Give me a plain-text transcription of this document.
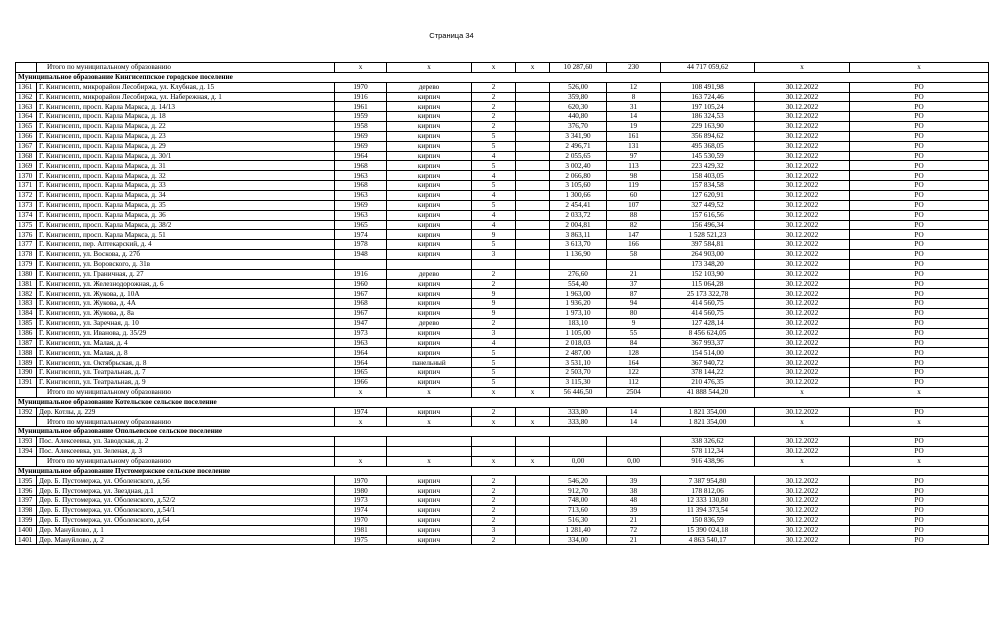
Страница 34
	Итого по муниципальному образованию	x	x	x	x	10 287,60	230	44 717 059,62	x	x
Муниципальное образование Кингисеппское городское поселение										
1361	Г. Кингисепп, микрорайон Лесобиржа, ул. Клубная, д. 15	1970	дерево	2		526,00	12	108 491,98	30.12.2022	РО
1362	Г. Кингисепп, микрорайон Лесобиржа, ул. Набережная, д. 1	1916	кирпич	2		359,80	8	163 724,46	30.12.2022	РО
1363	Г. Кингисепп, просп. Карла Маркса, д. 14/13	1961	кирпич	2		620,30	31	197 105,24	30.12.2022	РО
1364	Г. Кингисепп, просп. Карла Маркса, д. 18	1959	кирпич	2		440,80	14	186 324,53	30.12.2022	РО
1365	Г. Кингисепп, просп. Карла Маркса, д. 22	1958	кирпич	2		376,70	19	229 163,90	30.12.2022	РО
1366	Г. Кингисепп, просп. Карла Маркса, д. 23	1969	кирпич	5		3 341,90	161	356 894,62	30.12.2022	РО
1367	Г. Кингисепп, просп. Карла Маркса, д. 29	1969	кирпич	5		2 496,71	131	495 368,05	30.12.2022	РО
1368	Г. Кингисепп, просп. Карла Маркса, д. 30/1	1964	кирпич	4		2 055,65	97	145 530,59	30.12.2022	РО
1369	Г. Кингисепп, просп. Карла Маркса, д. 31	1968	кирпич	5		3 002,40	113	223 429,32	30.12.2022	РО
1370	Г. Кингисепп, просп. Карла Маркса, д. 32	1963	кирпич	4		2 066,80	98	158 403,05	30.12.2022	РО
1371	Г. Кингисепп, просп. Карла Маркса, д. 33	1968	кирпич	5		3 105,60	119	157 834,58	30.12.2022	РО
1372	Г. Кингисепп, просп. Карла Маркса, д. 34	1963	кирпич	4		1 300,66	60	127 620,91	30.12.2022	РО
1373	Г. Кингисепп, просп. Карла Маркса, д. 35	1969	кирпич	5		2 454,41	107	327 449,52	30.12.2022	РО
1374	Г. Кингисепп, просп. Карла Маркса, д. 36	1963	кирпич	4		2 033,72	88	157 616,56	30.12.2022	РО
1375	Г. Кингисепп, просп. Карла Маркса, д. 38/2	1965	кирпич	4		2 004,81	82	156 496,34	30.12.2022	РО
1376	Г. Кингисепп, просп. Карла Маркса, д. 51	1974	кирпич	9		3 863,11	147	1 528 521,23	30.12.2022	РО
1377	Г. Кингисепп, пер. Аптекарский, д. 4	1978	кирпич	5		3 613,70	166	397 584,81	30.12.2022	РО
1378	Г. Кингисепп, ул. Воскова, д. 27б	1948	кирпич	3		1 136,90	58	264 903,00	30.12.2022	РО
1379	Г. Кингисепп, ул. Воровского, д. 31в							173 348,20	30.12.2022	РО
1380	Г. Кингисепп, ул. Граничная, д. 27	1916	дерево	2		276,60	21	152 103,90	30.12.2022	РО
1381	Г. Кингисепп, ул. Железнодорожная, д. 6	1960	кирпич	2		554,40	37	115 064,28	30.12.2022	РО
1382	Г. Кингисепп, ул. Жукова, д. 10А	1967	кирпич	9		1 963,00	87	25 173 322,78	30.12.2022	РО
1383	Г. Кингисепп, ул. Жукова, д. 4А	1968	кирпич	9		1 936,20	94	414 560,75	30.12.2022	РО
1384	Г. Кингисепп, ул. Жукова, д. 8а	1967	кирпич	9		1 973,10	80	414 560,75	30.12.2022	РО
1385	Г. Кингисепп, ул. Заречная, д. 10	1947	дерево	2		183,10	9	127 428,14	30.12.2022	РО
1386	Г. Кингисепп, ул. Иванова, д. 35/29	1973	кирпич	3		1 105,00	55	8 456 624,05	30.12.2022	РО
1387	Г. Кингисепп, ул. Малая, д. 4	1963	кирпич	4		2 018,03	84	367 993,37	30.12.2022	РО
1388	Г. Кингисепп, ул. Малая, д. 8	1964	кирпич	5		2 487,00	128	154 514,00	30.12.2022	РО
1389	Г. Кингисепп, ул. Октябрьская, д. 8	1964	панельный	5		3 531,10	164	367 940,72	30.12.2022	РО
1390	Г. Кингисепп, ул. Театральная, д. 7	1965	кирпич	5		2 503,70	122	378 144,22	30.12.2022	РО
1391	Г. Кингисепп, ул. Театральная, д. 9	1966	кирпич	5		3 115,30	112	210 476,35	30.12.2022	РО
	Итого по муниципальному образованию	x	x	x	x	56 446,50	2504	41 888 544,20	x	x
Муниципальное образование Котельское сельское поселение										
1392	Дер. Котлы, д. 229	1974	кирпич	2		333,80	14	1 821 354,00	30.12.2022	РО
	Итого по муниципальному образованию	x	x	x	x	333,80	14	1 821 354,00	x	x
Муниципальное образование Опольевское сельское поселение										
1393	Пос. Алексеевка, ул. Заводская, д. 2							338 326,62	30.12.2022	РО
1394	Пос. Алексеевка, ул. Зеленая, д. 3							578 112,34	30.12.2022	РО
	Итого по муниципальному образованию	x	x	x	x	0,00	0,00	916 438,96	x	x
Муниципальное образование Пустомержское сельское поселение										
1395	Дер. Б. Пустомержа, ул. Оболенского, д.56	1970	кирпич	2		546,20	39	7 387 954,80	30.12.2022	РО
1396	Дер. Б. Пустомержа, ул. Звездная, д.1	1980	кирпич	2		912,70	38	178 812,06	30.12.2022	РО
1397	Дер. Б. Пустомержа, ул. Оболенского, д.52/2	1973	кирпич	2		748,00	48	12 333 130,80	30.12.2022	РО
1398	Дер. Б. Пустомержа, ул. Оболенского, д.54/1	1974	кирпич	2		713,60	39	11 394 373,54	30.12.2022	РО
1399	Дер. Б. Пустомержа, ул. Оболенского, д.64	1970	кирпич	2		516,30	21	150 836,59	30.12.2022	РО
1400	Дер. Мануйлово, д. 1	1981	кирпич	3		1 281,40	72	15 390 024,18	30.12.2022	РО
1401	Дер. Мануйлово, д. 2	1975	кирпич	2		334,00	21	4 863 540,17	30.12.2022	РО
